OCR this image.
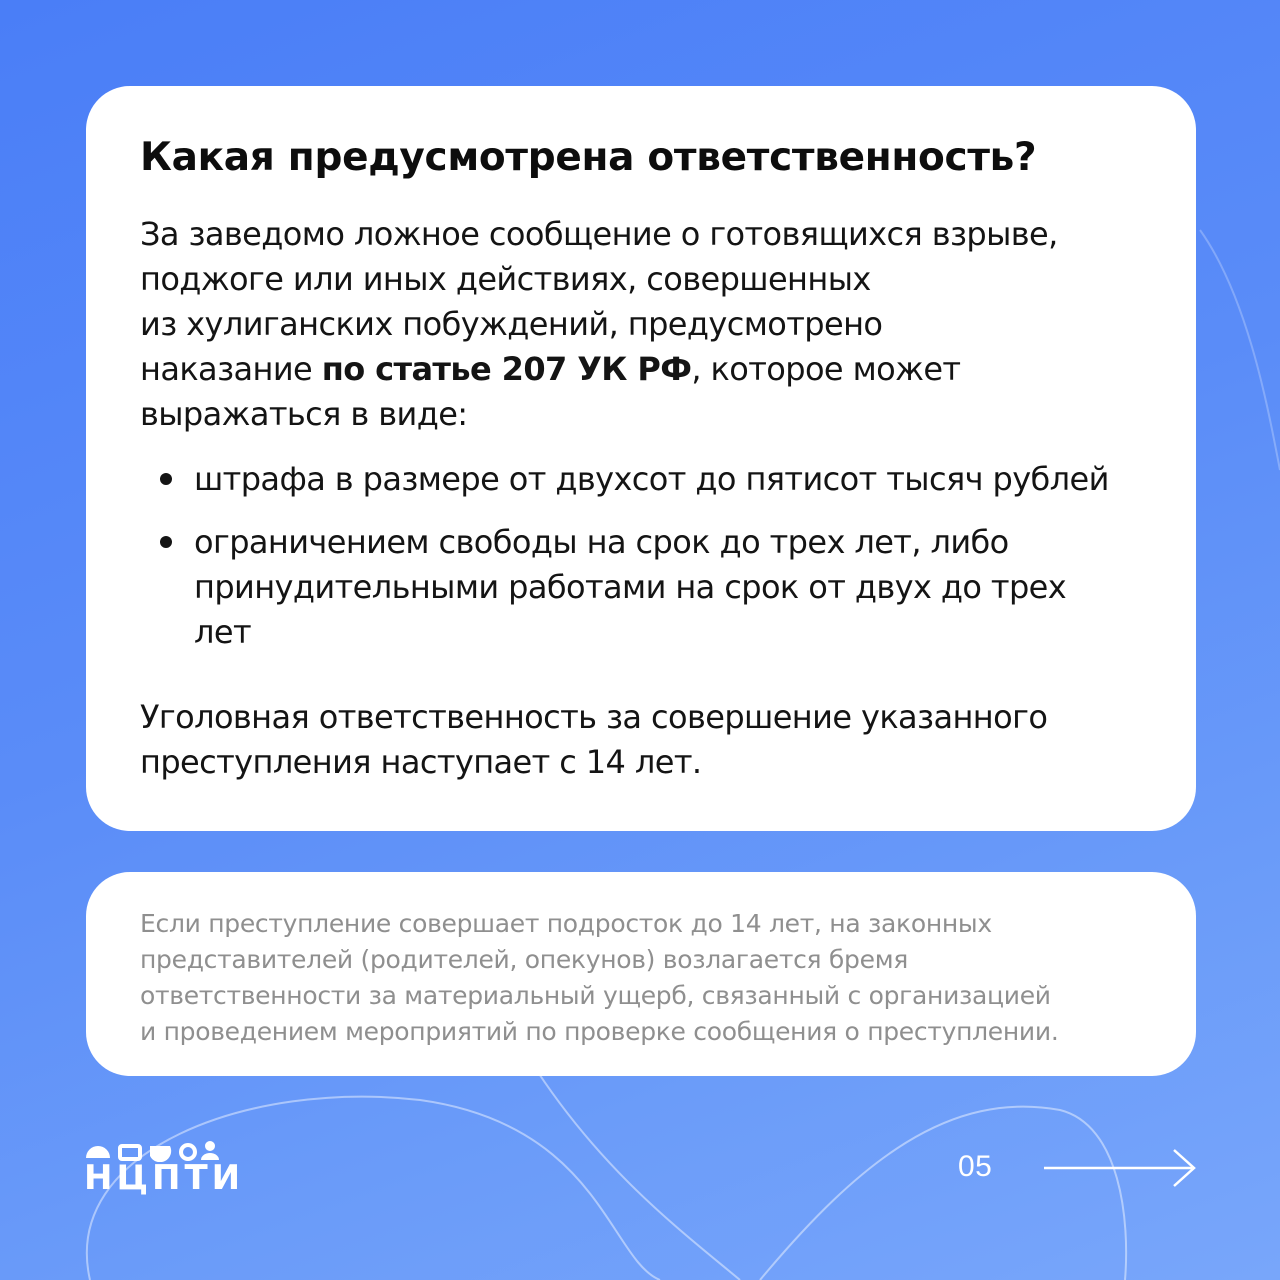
Какая предусмотрена ответственность?

За заведомо ложное сообщение о готовящихся взрыве,
поджоге или иных действиях, совершенных
из хулиганских побуждений, предусмотрено
наказание по статье 207 УК РФ, которое может
выражаться в виде:

штрафа в размере от двухсот до пятисот тысяч рублей
ограничением свободы на срок до трех лет, либо
принудительными работами на срок от двух до трех
лет

Уголовная ответственность за совершение указанного
преступления наступает с 14 лет.

Если преступление совершает подросток до 14 лет, на законных
представителей (родителей, опекунов) возлагается бремя
ответственности за материальный ущерб, связанный с организацией
и проведением мероприятий по проверке сообщения о преступлении.

НЦПТИ	05
